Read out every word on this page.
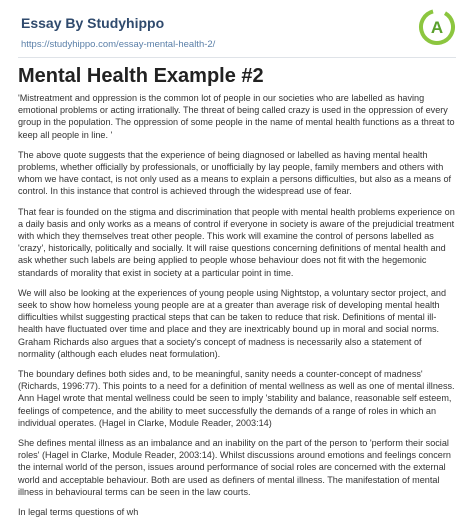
Essay By Studyhippo
https://studyhippo.com/essay-mental-health-2/
A
Mental Health Example #2

'Mistreatment and oppression is the common lot of people in our societies who are labelled as having emotional problems or acting irrationally. The threat of being called crazy is used in the oppression of every group in the population. The oppression of some people in the name of mental health functions as a threat to keep all people in line. '

The above quote suggests that the experience of being diagnosed or labelled as having mental health problems, whether officially by professionals, or unofficially by lay people, family members and others with whom we have contact, is not only used as a means to explain a persons difficulties, but also as a means of control. In this instance that control is achieved through the widespread use of fear.

That fear is founded on the stigma and discrimination that people with mental health problems experience on a daily basis and only works as a means of control if everyone in society is aware of the prejudicial treatment with which they themselves treat other people. This work will examine the control of persons labelled as 'crazy', historically, politically and socially. It will raise questions concerning definitions of mental health and ask whether such labels are being applied to people whose behaviour does not fit with the hegemonic standards of morality that exist in society at a particular point in time.

We will also be looking at the experiences of young people using Nightstop, a voluntary sector project, and seek to show how homeless young people are at a greater than average risk of developing mental health difficulties whilst suggesting practical steps that can be taken to reduce that risk. Definitions of mental ill-health have fluctuated over time and place and they are inextricably bound up in moral and social norms. Graham Richards also argues that a society's concept of madness is necessarily also a statement of normality (although each eludes neat formulation).

The boundary defines both sides and, to be meaningful, sanity needs a counter-concept of madness' (Richards, 1996:77). This points to a need for a definition of mental wellness as well as one of mental illness. Ann Hagel wrote that mental wellness could be seen to imply 'stability and balance, reasonable self esteem, feelings of competence, and the ability to meet successfully the demands of a range of roles in which an individual operates. (Hagel in Clarke, Module Reader, 2003:14)

She defines mental illness as an imbalance and an inability on the part of the person to 'perform their social roles' (Hagel in Clarke, Module Reader, 2003:14). Whilst discussions around emotions and feelings concern the internal world of the person, issues around performance of social roles are concerned with the external world and acceptable behaviour. Both are used as definers of mental illness. The manifestation of mental illness in behavioural terms can be seen in the law courts.

In legal terms questions of wh
